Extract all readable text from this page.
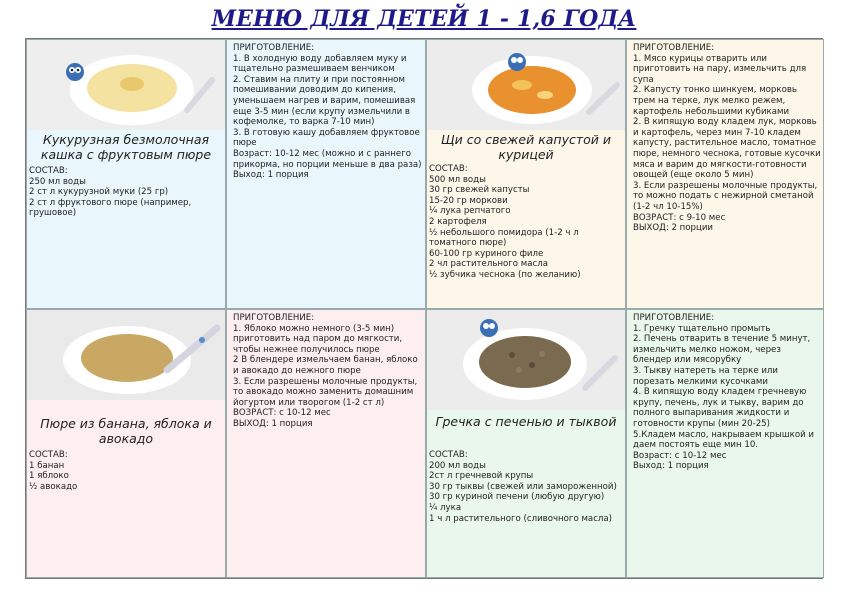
МЕНЮ ДЛЯ ДЕТЕЙ 1 - 1,6 ГОДА
Кукурузная безмолочная кашка с фруктовым пюре
СОСТАВ:
250 мл воды
2 ст л кукурузной муки (25 гр)
2 ст л фруктового пюре (например, грушовое)
ПРИГОТОВЛЕНИЕ:
1. В холодную воду добавляем муку и тщательно размешиваем венчиком
2. Ставим на плиту и при постоянном помешивании доводим до кипения, уменьшаем нагрев и варим, помешивая еще 3-5 мин (если крупу измельчили в кофемолке, то варка 7-10 мин)
3. В готовую кашу добавляем фруктовое пюре
Возраст: 10-12 мес (можно и с раннего прикорма, но порции меньше в два раза)
Выход: 1 порция
Щи со свежей капустой и курицей
СОСТАВ:
500 мл воды
30 гр свежей капусты
15-20 гр моркови
¼ лука репчатого
2 картофеля
½ небольшого помидора (1-2 ч л томатного пюре)
60-100 гр куриного филе
2 чл растительного масла
½ зубчика чеснока (по желанию)
ПРИГОТОВЛЕНИЕ:
1. Мясо курицы отварить или приготовить на пару, измельчить для супа
2. Капусту тонко шинкуем, морковь трем на терке, лук мелко режем, картофель небольшими кубиками
2. В кипящую воду кладем лук, морковь и картофель, через мин 7-10 кладем капусту, растительное масло, томатное пюре, немного чеснока, готовые кусочки мяса и варим до мягкости-готовности овощей (еще около 5 мин)
3. Если разрешены молочные продукты, то можно подать с нежирной сметаной (1-2 чл 10-15%)
ВОЗРАСТ: с 9-10 мес
ВЫХОД: 2 порции
Пюре из банана, яблока и авокадо
СОСТАВ:
1 банан
1 яблоко
½ авокадо
ПРИГОТОВЛЕНИЕ:
1. Яблоко можно немного (3-5 мин) приготовить над паром до мягкости, чтобы нежнее получилось пюре
2 В блендере измельчаем банан, яблоко и авокадо до нежного пюре
3. Если разрешены молочные продукты, то авокадо можно заменить домашним йогуртом или творогом (1-2 ст л)
ВОЗРАСТ: с 10-12 мес
ВЫХОД: 1 порция	Гречка с печенью и тыквой
СОСТАВ:
200 мл воды
2ст л гречневой крупы
30 гр тыквы (свежей или замороженной)
30 гр куриной печени (любую другую)
¼ лука
1 ч л растительного (сливочного масла)
ПРИГОТОВЛЕНИЕ:
1. Гречку тщательно промыть
2. Печень отварить в течение 5 минут, измельчить мелко ножом, через блендер или мясорубку
3. Тыкву натереть на терке или порезать мелкими кусочками
4. В кипящую воду кладем гречневую крупу, печень, лук и тыкву, варим до полного выпаривания жидкости и готовности крупы (мин 20-25)
5.Кладем масло, накрываем крышкой и даем постоять еще мин 10.
Возраст: с 10-12 мес
Выход: 1 порция
